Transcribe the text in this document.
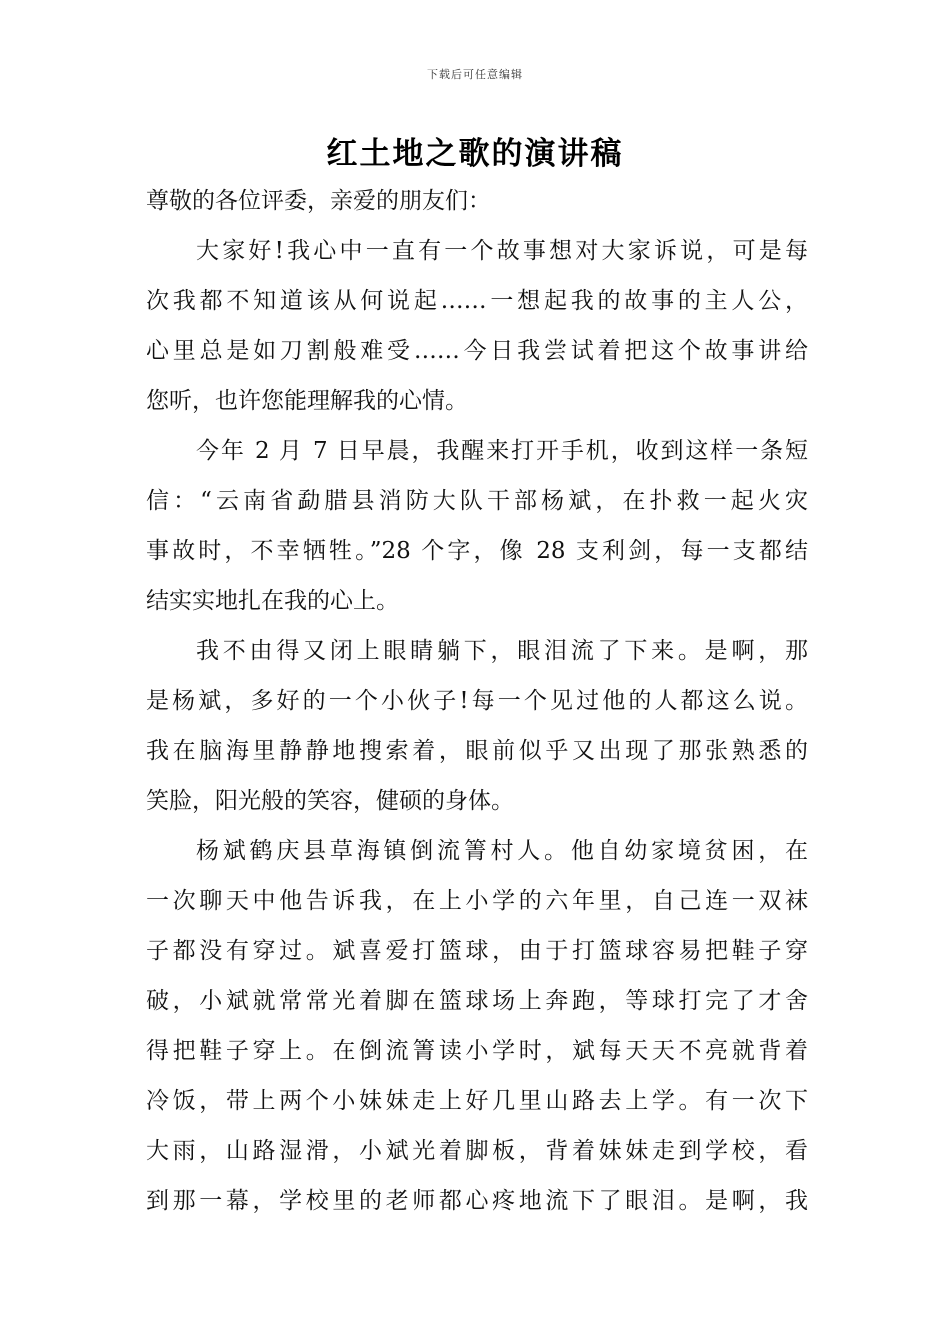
下载后可任意编辑
红土地之歌的演讲稿
尊敬的各位评委，亲爱的朋友们：
大家好!我心中一直有一个故事想对大家诉说，可是每
次我都不知道该从何说起……一想起我的故事的主人公，
心里总是如刀割般难受……今日我尝试着把这个故事讲给
您听，也许您能理解我的心情。
今年 2 月 7 日早晨，我醒来打开手机，收到这样一条短
信：“云南省勐腊县消防大队干部杨斌，在扑救一起火灾
事故时，不幸牺牲。”28 个字，像 28 支利剑，每一支都结
结实实地扎在我的心上。
我不由得又闭上眼睛躺下，眼泪流了下来。是啊，那
是杨斌，多好的一个小伙子!每一个见过他的人都这么说。
我在脑海里静静地搜索着，眼前似乎又出现了那张熟悉的
笑脸，阳光般的笑容，健硕的身体。
杨斌鹤庆县草海镇倒流箐村人。他自幼家境贫困，在
一次聊天中他告诉我，在上小学的六年里，自己连一双袜
子都没有穿过。斌喜爱打篮球，由于打篮球容易把鞋子穿
破，小斌就常常光着脚在篮球场上奔跑，等球打完了才舍
得把鞋子穿上。在倒流箐读小学时，斌每天天不亮就背着
冷饭，带上两个小妹妹走上好几里山路去上学。有一次下
大雨，山路湿滑，小斌光着脚板，背着妹妹走到学校，看
到那一幕，学校里的老师都心疼地流下了眼泪。是啊，我
